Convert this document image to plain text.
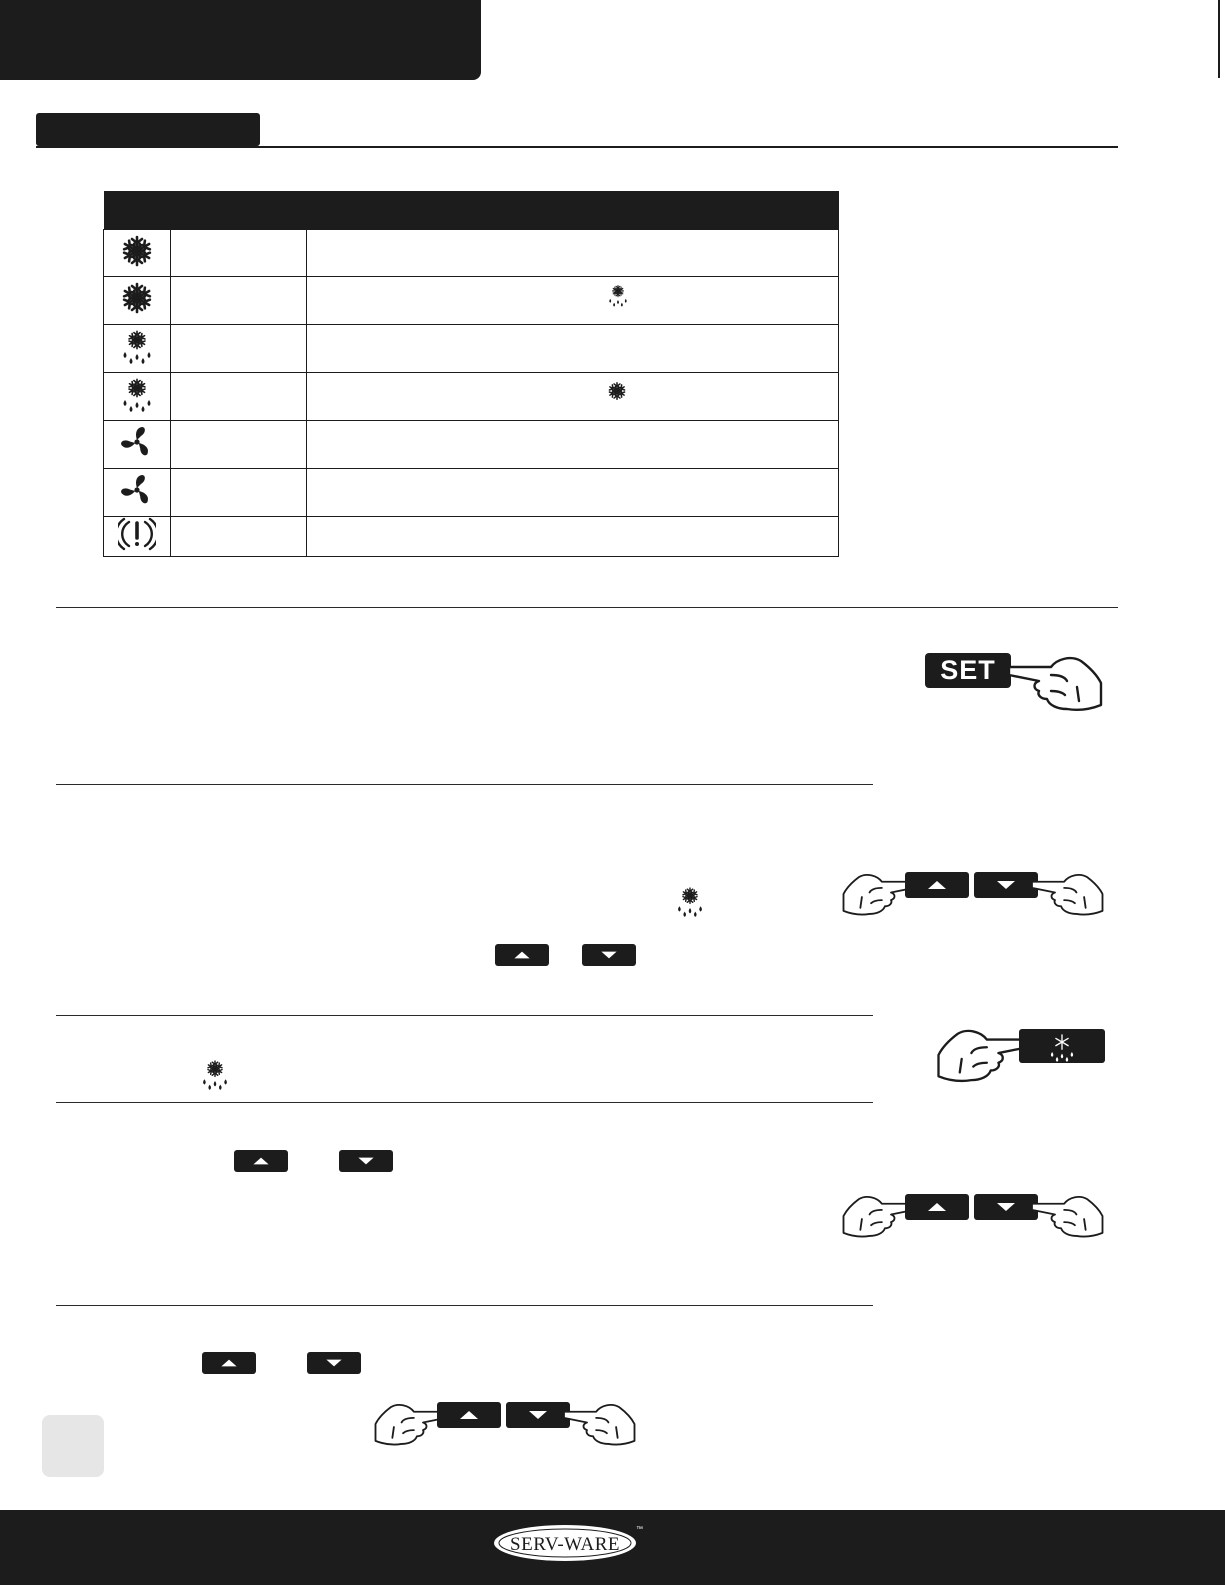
SET
SERV-WARE
™
